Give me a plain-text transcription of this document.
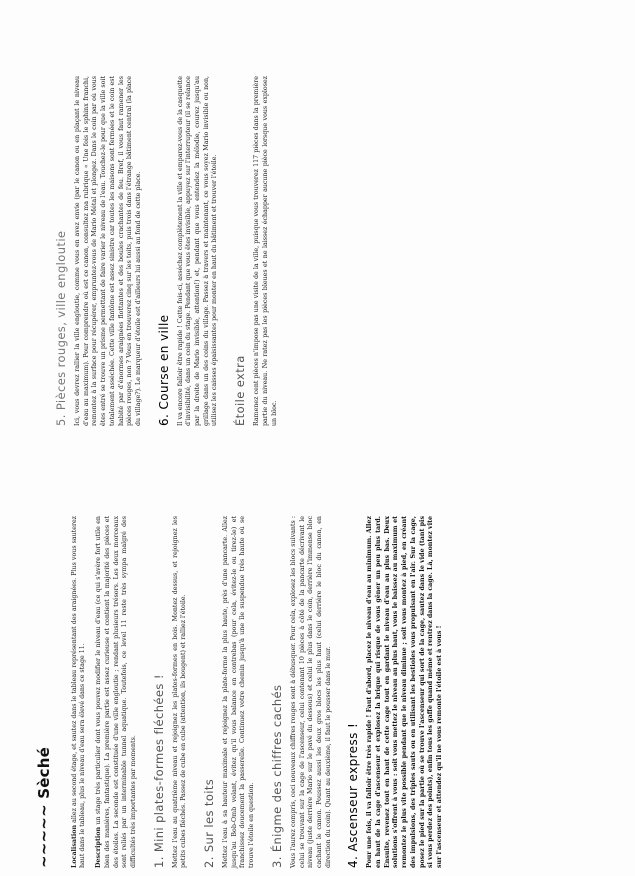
~~~~~ Sèché

Localisation allez au second étage, et sautez dans le tableau représentant des araignées. Plus vous sauterez haut dans le tableau, plus le niveau d'eau sera élevé dans ce stage 11. Description un stage très particulier dont vous pouvez modifier le niveau d'eau (ce qui s'avère fort utile en bien des manières, fantastique). La première partie est assez curieuse et contient la majorité des pièces et des étoiles. La seconde est constituée d'une ville engloutie ; rendant plusieurs trésors. Les deux morceaux sont reliés par un interminable tunnel aquatique. Toutefois, ce level 11 reste très sympa malgré des difficultés très importantes par moments. 1. Mini plates-formes fléchées ! Mettez l'eau au quatrième niveau et rejoignez les plates-formes en bois. Montez dessus, et rejoignez les petits cubes fléchés. Passez de cube en cube (attention, ils bougent) et ralliez l'étoile. 2. Sur les toits Mettez l'eau à sa hauteur maximale et rejoignez la plate-forme la plus haute, près d'une pancarte. Allez jusqu'au Bob-Omb volant, évitez qu'il vous balance en contrebas (pour cela, évitez-le ou tirez-le) et franchissez doucement la passerelle. Continuez votre chemin jusqu'à une île suspendue très haute où se trouve l'étoile en question. 3. Énigme des chiffres cachés Vous l'aurez compris, ceci nouveaux chiffres rouges sont à débusquer. Pour cela, explosez les blocs suivants : celui se trouvant sur la cage de l'ascenseur, celui contenant 10 pièces à côté de la pancarte décrivant le niveau (juste derrière Mario sur le pavé du dessous) et celui le plus dans le coin, derrière l'immense bloc cachant le canon. Poussez aussi les deux gros blocs les plus haut (celui derrière le bloc du canon, en direction du coin). Quant au deuxième, il faut le pousser dans le mur. 4. Ascenseur express ! Pour une fois, il va falloir être très rapide ! Faut d'abord, placez le niveau d'eau au minimum. Allez en haut de la cage d'ascenseur et explosez la brique qui risque de vous gêner un peu plus tard. Ensuite, revenez tout en haut de cette cage tout en gardant le niveau d'eau au plus bas. Deux solutions s'offrent à vous : soit vous mettez le niveau au plus haut, vous le baissez au maximum et remontez le plus vite possible pendant que le niveau diminue ; soit vous montez à pied, en créant des impulsions, des triples sauts ou en utilisant les bestioles vous propulsant en l'air. Sur la cage, posez le pied sur la partie où se trouve l'ascenseur qui sort de la cage, sautez dans le vide (tant pis si vous perdez des points), enfin tous les gaffe quand même et rentrez dans la cage. Là, montez vite sur l'ascenseur et attendez qu'il ne vous remonte l'étoile est à vous !

5. Pièces rouges, ville engloutie Ici, vous devrez rallier la ville engloutie, comme vous en avez envie (par le canon ou en plaçant le niveau d'eau au maximum). Pour comprendre où est ce canon, consultez ma rubrique « Une fois le sphinx franchi, remontez à la surface pour récupérer, empruntez-vous de Mario Métal et plongez. Dans le coin par où vous êtes entré se trouve un prisme permettant de faire varier le niveau de l'eau. Touchez-le pour que la ville soit totalement asséchée. Cette ville fantôme est assez sinistre car toutes les maisons sont fermées et le coin est habité par d'énormes araignées flottantes et des boules crachantes de feu. Bref, il vous faut ramener les pièces rouges, non ? Vous en trouverez cinq sur les toits, puis trois dans l'étrange bâtiment central (la place du village?). Le marqueur d'étoile est d'ailleurs lui aussi au fond de cette place. 6. Course en ville Il va encore falloir être rapide ! Cette fois-ci, asséchez complètement la ville et emparez-vous de la casquette d'invisibilité, dans un coin du stage. Pendant que vous êtes invisible, appuyez sur l'interrupteur (il se relance par la droite de Mario invisible, attention!) et, pendant que vous entendez la mélodie, courez jusqu'au grillage dans un des coins du village. Passez à travers et maintenant, ce vous soyez Mario invisible ou non, utilisez les caisses épaisissantes pour monter en haut du bâtiment et trouver l'étoile. Étoile extra Ramenez cent pièces n'impose pas une visite de la ville, puisque vous trouverez 117 pièces dans la première partie du niveau. Ne ratez pas les pièces bleues et ne laissez échapper aucune pièce lorsque vous explosez un bloc.
